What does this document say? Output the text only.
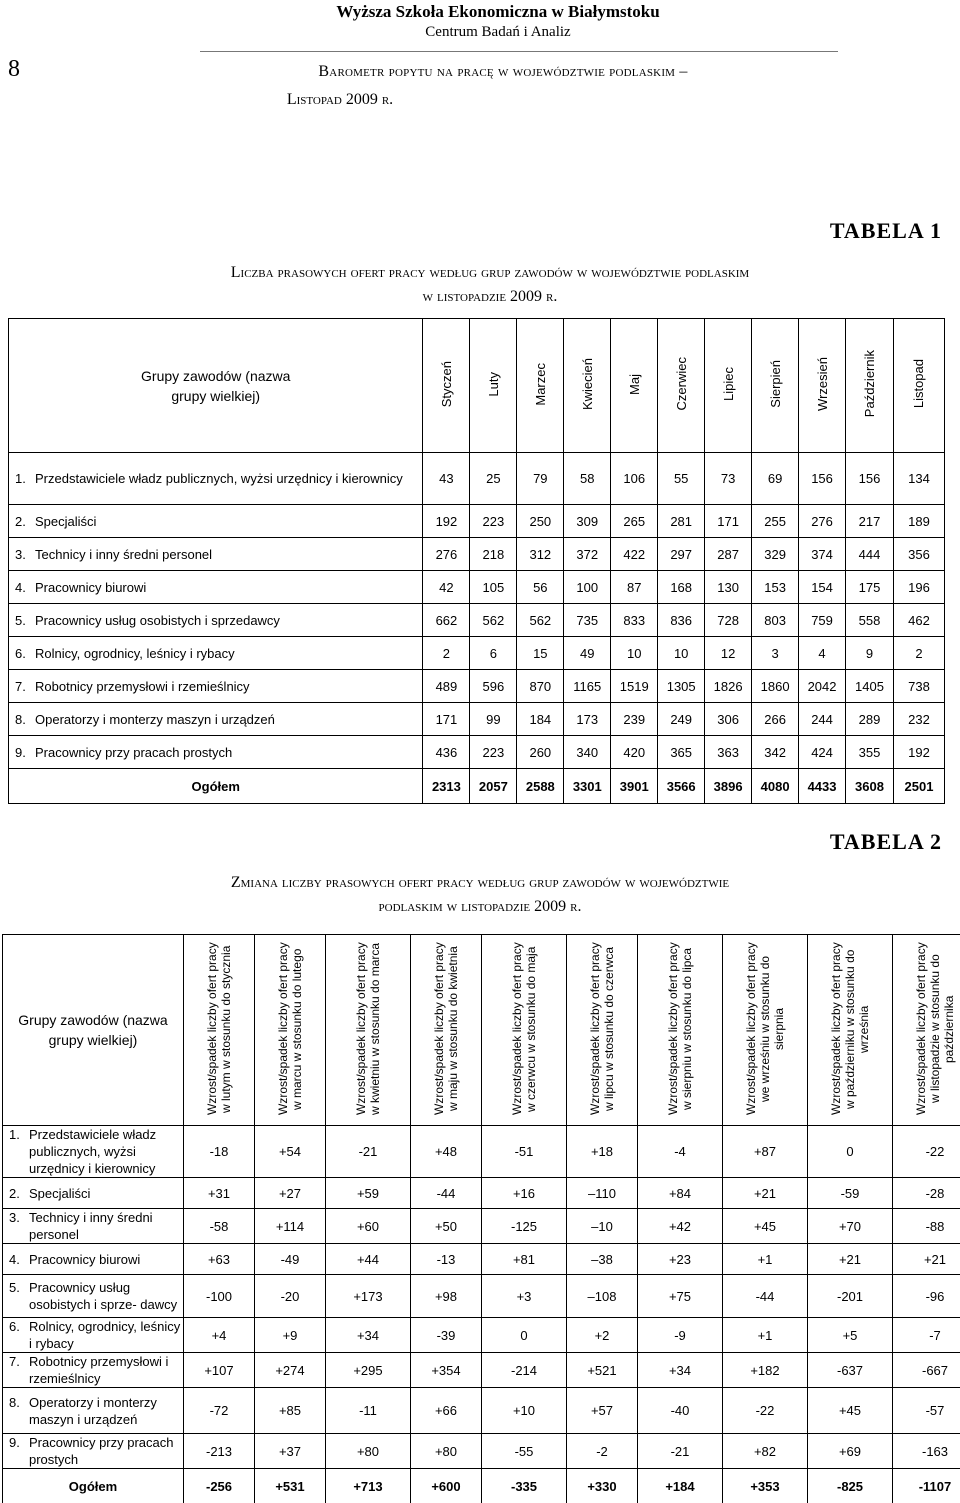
8
Wyższa Szkoła Ekonomiczna w Białymstoku
Centrum Badań i Analiz
Barometr popytu na pracę w województwie podlaskim –
Listopad 2009 r.
TABELA 1
Liczba prasowych ofert pracy według grup zawodów w województwie podlaskim
w listopadzie 2009 r.
Grupy zawodów (nazwa grupy wielkiej)	Styczeń	Luty	Marzec	Kwiecień	Maj	Czerwiec	Lipiec	Sierpień	Wrzesień	Październik	Listopad

1. Przedstawiciele władz publicznych, wyżsi urzędnicy i kierownicy	43	25	79	58	106	55	73	69	156	156	134

2. Specjaliści	192	223	250	309	265	281	171	255	276	217	189

3. Technicy i inny średni personel	276	218	312	372	422	297	287	329	374	444	356

4. Pracownicy biurowi	42	105	56	100	87	168	130	153	154	175	196

5. Pracownicy usług osobistych i sprzedawcy	662	562	562	735	833	836	728	803	759	558	462

6. Rolnicy, ogrodnicy, leśnicy i rybacy	2	6	15	49	10	10	12	3	4	9	2

7. Robotnicy przemysłowi i rzemieślnicy	489	596	870	1165	1519	1305	1826	1860	2042	1405	738

8. Operatorzy i monterzy maszyn i urządzeń	171	99	184	173	239	249	306	266	244	289	232

9. Pracownicy przy pracach prostych	436	223	260	340	420	365	363	342	424	355	192
Ogółem	2313	2057	2588	3301	3901	3566	3896	4080	4433	3608	2501
TABELA 2
Zmiana liczby prasowych ofert pracy według grup zawodów w województwie
podlaskim w listopadzie 2009 r.
Grupy zawodów (nazwa grupy wielkiej)	Wzrost/spadek liczby ofert pracy w lutym w stosunku do stycznia	Wzrost/spadek liczby ofert pracy w marcu w stosunku do lutego	Wzrost/spadek liczby ofert pracy w kwietniu w stosunku do marca	Wzrost/spadek liczby ofert pracy w maju w stosunku do kwietnia	Wzrost/spadek liczby ofert pracy w czerwcu w stosunku do maja	Wzrost/spadek liczby ofert pracy w lipcu w stosunku do czerwca	Wzrost/spadek liczby ofert pracy w sierpniu w stosunku do lipca	Wzrost/spadek liczby ofert pracy we wrześniu w stosunku do sierpnia	Wzrost/spadek liczby ofert pracy w październiku w stosunku do września	Wzrost/spadek liczby ofert pracy w listopadzie w stosunku do października

1. Przedstawiciele władz publicznych, wyżsi urzędnicy i kierownicy	-18	+54	-21	+48	-51	+18	-4	+87	0	-22

2. Specjaliści	+31	+27	+59	-44	+16	–110	+84	+21	-59	-28

3. Technicy i inny średni personel	-58	+114	+60	+50	-125	–10	+42	+45	+70	-88

4. Pracownicy biurowi	+63	-49	+44	-13	+81	–38	+23	+1	+21	+21

5. Pracownicy usług osobistych i sprze- dawcy	-100	-20	+173	+98	+3	–108	+75	-44	-201	-96

6. Rolnicy, ogrodnicy, leśnicy i rybacy	+4	+9	+34	-39	0	+2	-9	+1	+5	-7

7. Robotnicy przemysłowi i rzemieślnicy	+107	+274	+295	+354	-214	+521	+34	+182	-637	-667

8. Operatorzy i monterzy maszyn i urządzeń	-72	+85	-11	+66	+10	+57	-40	-22	+45	-57

9. Pracownicy przy pracach prostych	-213	+37	+80	+80	-55	-2	-21	+82	+69	-163
Ogółem	-256	+531	+713	+600	-335	+330	+184	+353	-825	-1107
